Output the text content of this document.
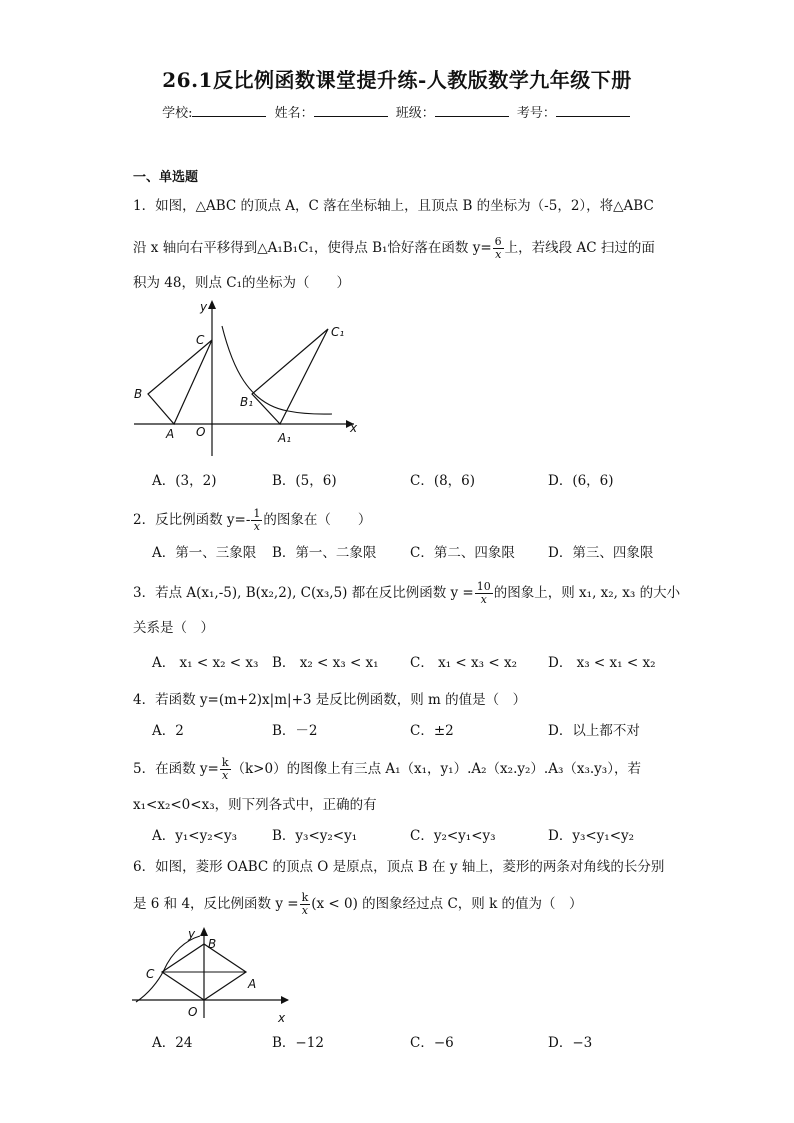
26.1反比例函数课堂提升练-人教版数学九年级下册
学校:	姓名：	班级：	考号：
一、单选题
1．如图，△ABC 的顶点 A，C 落在坐标轴上，且顶点 B 的坐标为（-5，2），将△ABC
沿 x 轴向右平移得到△A₁B₁C₁，使得点 B₁恰好落在函数 $y= \frac{6}{x}$ 上，若线段 AC 扫过的面
积为 48，则点 C₁的坐标为（　　）
y
x
C
B
A O
C₁
B₁
A₁
A．(3，2)	B．(5，6)	C．(8，6)	D．(6，6)
2．反比例函数 $y=- \frac{1}{x}$ 的图象在（　　）
A．第一、三象限 B．第一、二象限 C．第二、四象限 D．第三、四象限
3．若点 A(x₁,-5), B(x₂,2), C(x₃,5) 都在反比例函数 $y = \frac{10}{x}$ 的图象上，则 x₁, x₂, x₃ 的大小
关系是（　）
A． x₁ < x₂ < x₃ B． x₂ < x₃ < x₁ C． x₁ < x₃ < x₂ D． x₃ < x₁ < x₂
4．若函数 y=(m+2)x|m|+3 是反比例函数，则 m 的值是（　）
A．2	B．－2	C．±2	D．以上都不对
5．在函数 $y= \frac{k}{x} (k>0)$的图像上有三点 A₁（x₁，y₁）.A₂（x₂.y₂）.A₃（x₃.y₃），若
x₁<x₂<0<x₃，则下列各式中，正确的有
A．y₁<y₂<y₃	B．y₃<y₂<y₁	C．y₂<y₁<y₃	D．y₃<y₁<y₂
6．如图，菱形 OABC 的顶点 O 是原点，顶点 B 在 y 轴上，菱形的两条对角线的长分别
是 6 和 4，反比例函数 $y = \frac{k}{x} (x < 0)$ 的图象经过点 C，则 k 的值为（　）
y
x
B
C
A
O
A．24	B．−12	C．−6	D．−3
